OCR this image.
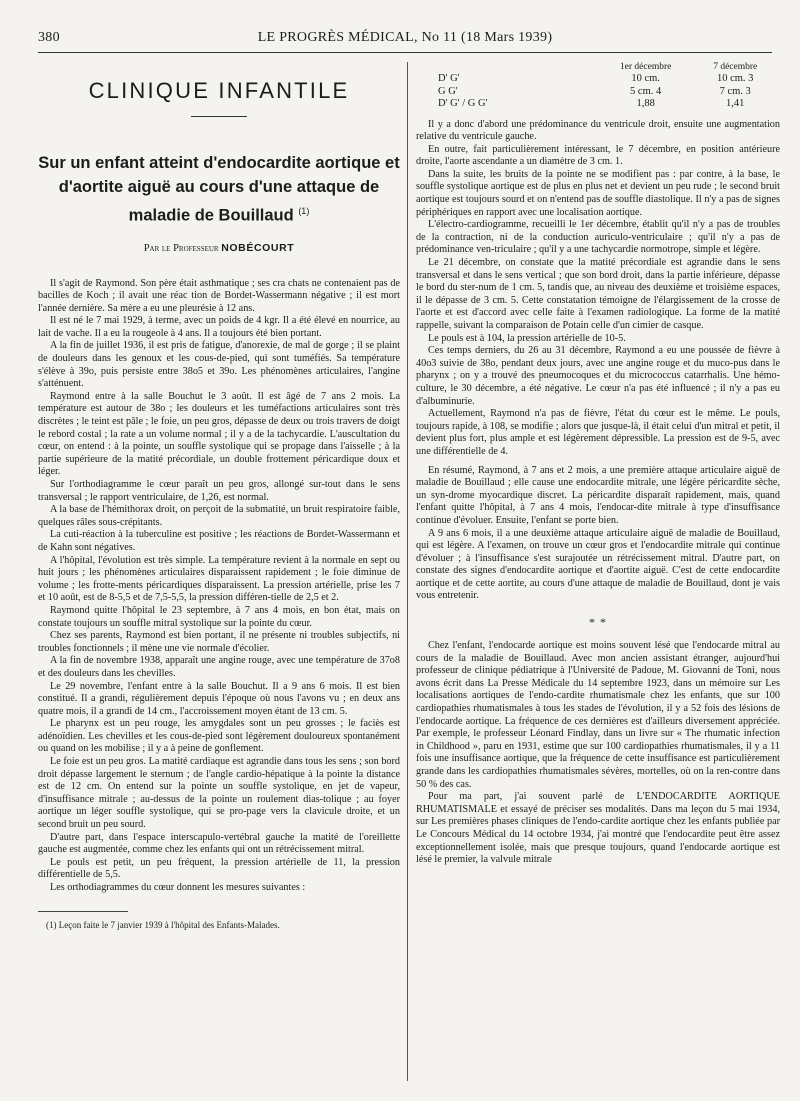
380	LE PROGRÈS MÉDICAL, No 11 (18 Mars 1939)
CLINIQUE INFANTILE
Sur un enfant atteint d'endocardite aortique et d'aortite aiguë au cours d'une attaque de maladie de Bouillaud $^{(1)}$
Par le Professeur NOBÉCOURT

Il s'agit de Raymond. Son père était asthmatique ; ses cra chats ne contenaient pas de bacilles de Koch ; il avait une réac tion de Bordet-Wassermann négative ; il est mort l'année dernière. Sa mère a eu une pleurésie à 12 ans.

Il est né le 7 mai 1929, à terme, avec un poids de 4 kgr. Il a été élevé en nourrice, au lait de vache. Il a eu la rougeole à 4 ans. Il a toujours été bien portant.

A la fin de juillet 1936, il est pris de fatigue, d'anorexie, de mal de gorge ; il se plaint de douleurs dans les genoux et les cous-de-pied, qui sont tuméfiés. Sa température s'élève à 39o, puis persiste entre 38o5 et 39o. Les phénomènes articulaires, l'angine s'atténuent.

Raymond entre à la salle Bouchut le 3 août. Il est âgé de 7 ans 2 mois. La température est autour de 38o ; les douleurs et les tuméfactions articulaires sont très discrètes ; le teint est pâle ; le foie, un peu gros, dépasse de deux ou trois travers de doigt le rebord costal ; la rate a un volume normal ; il y a de la tachycardie. L'auscultation du cœur, on entend : à la pointe, un souffle systolique qui se propage dans l'aisselle ; à la partie supérieure de la matité précordiale, un double frottement péricardique doux et léger.

Sur l'orthodiagramme le cœur paraît un peu gros, allongé sur-tout dans le sens transversal ; le rapport ventriculaire, de 1,26, est normal.

A la base de l'hémithorax droit, on perçoit de la submatité, un bruit respiratoire faible, quelques râles sous-crépitants.

La cuti-réaction à la tuberculine est positive ; les réactions de Bordet-Wassermann et de Kahn sont négatives.

A l'hôpital, l'évolution est très simple. La température revient à la normale en sept ou huit jours ; les phénomènes articulaires disparaissent rapidement ; le foie diminue de volume ; les frotte-ments péricardiques disparaissent. La pression artérielle, prise les 7 et 10 août, est de 8-5,5 et de 7,5-5,5, la pression différen-tielle de 2,5 et 2.

Raymond quitte l'hôpital le 23 septembre, à 7 ans 4 mois, en bon état, mais on constate toujours un souffle mitral systolique sur la pointe du cœur.

Chez ses parents, Raymond est bien portant, il ne présente ni troubles subjectifs, ni troubles fonctionnels ; il mène une vie normale d'écolier.

A la fin de novembre 1938, apparaît une angine rouge, avec une température de 37o8 et des douleurs dans les chevilles.

Le 29 novembre, l'enfant entre à la salle Bouchut. Il a 9 ans 6 mois. Il est bien constitué. Il a grandi, régulièrement depuis l'époque où nous l'avons vu ; en deux ans quatre mois, il a grandi de 14 cm., l'accroissement moyen étant de 13 cm. 5.

Le pharynx est un peu rouge, les amygdales sont un peu grosses ; le faciès est adénoïdien. Les chevilles et les cous-de-pied sont légèrement douloureux spontanément ou quand on les mobilise ; il y a à peine de gonflement.

Le foie est un peu gros. La matité cardiaque est agrandie dans tous les sens ; son bord droit dépasse largement le sternum ; de l'angle cardio-hépatique à la pointe la distance est de 12 cm. On entend sur la pointe un souffle systolique, en jet de vapeur, d'insuffisance mitrale ; au-dessus de la pointe un roulement dias-tolique ; au foyer aortique un léger souffle systolique, qui se pro-page vers la clavicule droite, et un second bruit un peu sourd.

D'autre part, dans l'espace interscapulo-vertébral gauche la matité de l'oreillette gauche est augmentée, comme chez les enfants qui ont un rétrécissement mitral.

Le pouls est petit, un peu fréquent, la pression artérielle de 11, la pression différentielle de 5,5.

Les orthodiagrammes du cœur donnent les mesures suivantes :

(1) Leçon faite le 7 janvier 1939 à l'hôpital des Enfants-Malades.

	1er décembre	7 décembre
D' G'	10 cm.	10 cm. 3
G G'	5 cm. 4	7 cm. 3
D' G' / G G'	1,88	1,41

Il y a donc d'abord une prédominance du ventricule droit, ensuite une augmentation relative du ventricule gauche.

En outre, fait particulièrement intéressant, le 7 décembre, en position antérieure droite, l'aorte ascendante a un diamètre de 3 cm. 1.

Dans la suite, les bruits de la pointe ne se modifient pas : par contre, à la base, le souffle systolique aortique est de plus en plus net et devient un peu rude ; le second bruit aortique est toujours sourd et on n'entend pas de souffle diastolique. Il n'y a pas de signes périphériques en rapport avec une localisation aortique.

L'électro-cardiogramme, recueilli le 1er décembre, établit qu'il n'y a pas de troubles de la contraction, ni de la conduction auriculo-ventriculaire ; qu'il n'y a pas de prédominance ven-triculaire ; qu'il y a une tachycardie normotrope, simple et légère.

Le 21 décembre, on constate que la matité précordiale est agrandie dans le sens transversal et dans le sens vertical ; que son bord droit, dans la partie inférieure, dépasse le bord du ster-num de 1 cm. 5, tandis que, au niveau des deuxième et troisième espaces, il le dépasse de 3 cm. 5. Cette constatation témoigne de l'élargissement de la crosse de l'aorte et est d'accord avec celle faite à l'examen radiologique. La forme de la matité rappelle, suivant la comparaison de Potain celle d'un cimier de casque.

Le pouls est à 104, la pression artérielle de 10-5.

Ces temps derniers, du 26 au 31 décembre, Raymond a eu une poussée de fièvre à 40o3 suivie de 38o, pendant deux jours, avec une angine rouge et du muco-pus dans le pharynx ; on y a trouvé des pneumocoques et du micrococcus catarrhalis. Une hémo-culture, le 30 décembre, a été négative. Le cœur n'a pas été influencé ; il n'y a pas eu d'albuminurie.

Actuellement, Raymond n'a pas de fièvre, l'état du cœur est le même. Le pouls, toujours rapide, à 108, se modifie ; alors que jusque-là, il était celui d'un mitral et petit, il devient plus fort, plus ample et est légèrement dépressible. La pression est de 9-5, avec une différentielle de 4.

En résumé, Raymond, à 7 ans et 2 mois, a une première attaque articulaire aiguë de maladie de Bouillaud ; elle cause une endocardite mitrale, une légère péricardite sèche, un syn-drome myocardique discret. La péricardite disparaît rapidement, mais, quand l'enfant quitte l'hôpital, à 7 ans 4 mois, l'endocar-dite mitrale à type d'insuffisance continue d'évoluer. Ensuite, l'enfant se porte bien.

A 9 ans 6 mois, il a une deuxième attaque articulaire aiguë de maladie de Bouillaud, qui est légère. A l'examen, on trouve un cœur gros et l'endocardite mitrale qui continue d'évoluer ; à l'insuffisance s'est surajoutée un rétrécissement mitral. D'autre part, on constate des signes d'endocardite aortique et d'aortite aiguë. C'est de cette endocardite aortique et de cette aortite, au cours d'une attaque de maladie de Bouillaud, dont je vais vous entretenir.

* *

Chez l'enfant, l'endocarde aortique est moins souvent lésé que l'endocarde mitral au cours de la maladie de Bouillaud. Avec mon ancien assistant étranger, aujourd'hui professeur de clinique pédiatrique à l'Université de Padoue, M. Giovanni de Toni, nous avons écrit dans La Presse Médicale du 14 septembre 1923, dans un mémoire sur Les localisations aortiques de l'endo-cardite rhumatismale chez les enfants, que sur 100 cardiopathies rhumatismales à tous les stades de l'évolution, il y a 52 fois des lésions de l'endocarde aortique. La fréquence de ces dernières est d'ailleurs diversement appréciée. Par exemple, le professeur Léonard Findlay, dans un livre sur « The rhumatic infection in Childhood », paru en 1931, estime que sur 100 cardiopathies rhumatismales, il y a 11 fois une insuffisance aortique, que la fréquence de cette insuffisance est particulièrement grande dans les cardiopathies rhumatismales sévères, mortelles, où on la ren-contre dans 50 % des cas.

Pour ma part, j'ai souvent parlé de L'ENDOCARDITE AORTIQUE RHUMATISMALE et essayé de préciser ses modalités. Dans ma leçon du 5 mai 1934, sur Les premières phases cliniques de l'endo-cardite aortique chez les enfants publiée par Le Concours Médical du 14 octobre 1934, j'ai montré que l'endocardite peut être assez exceptionnellement isolée, mais que presque toujours, quand l'endocarde aortique est lésé le premier, la valvule mitrale
